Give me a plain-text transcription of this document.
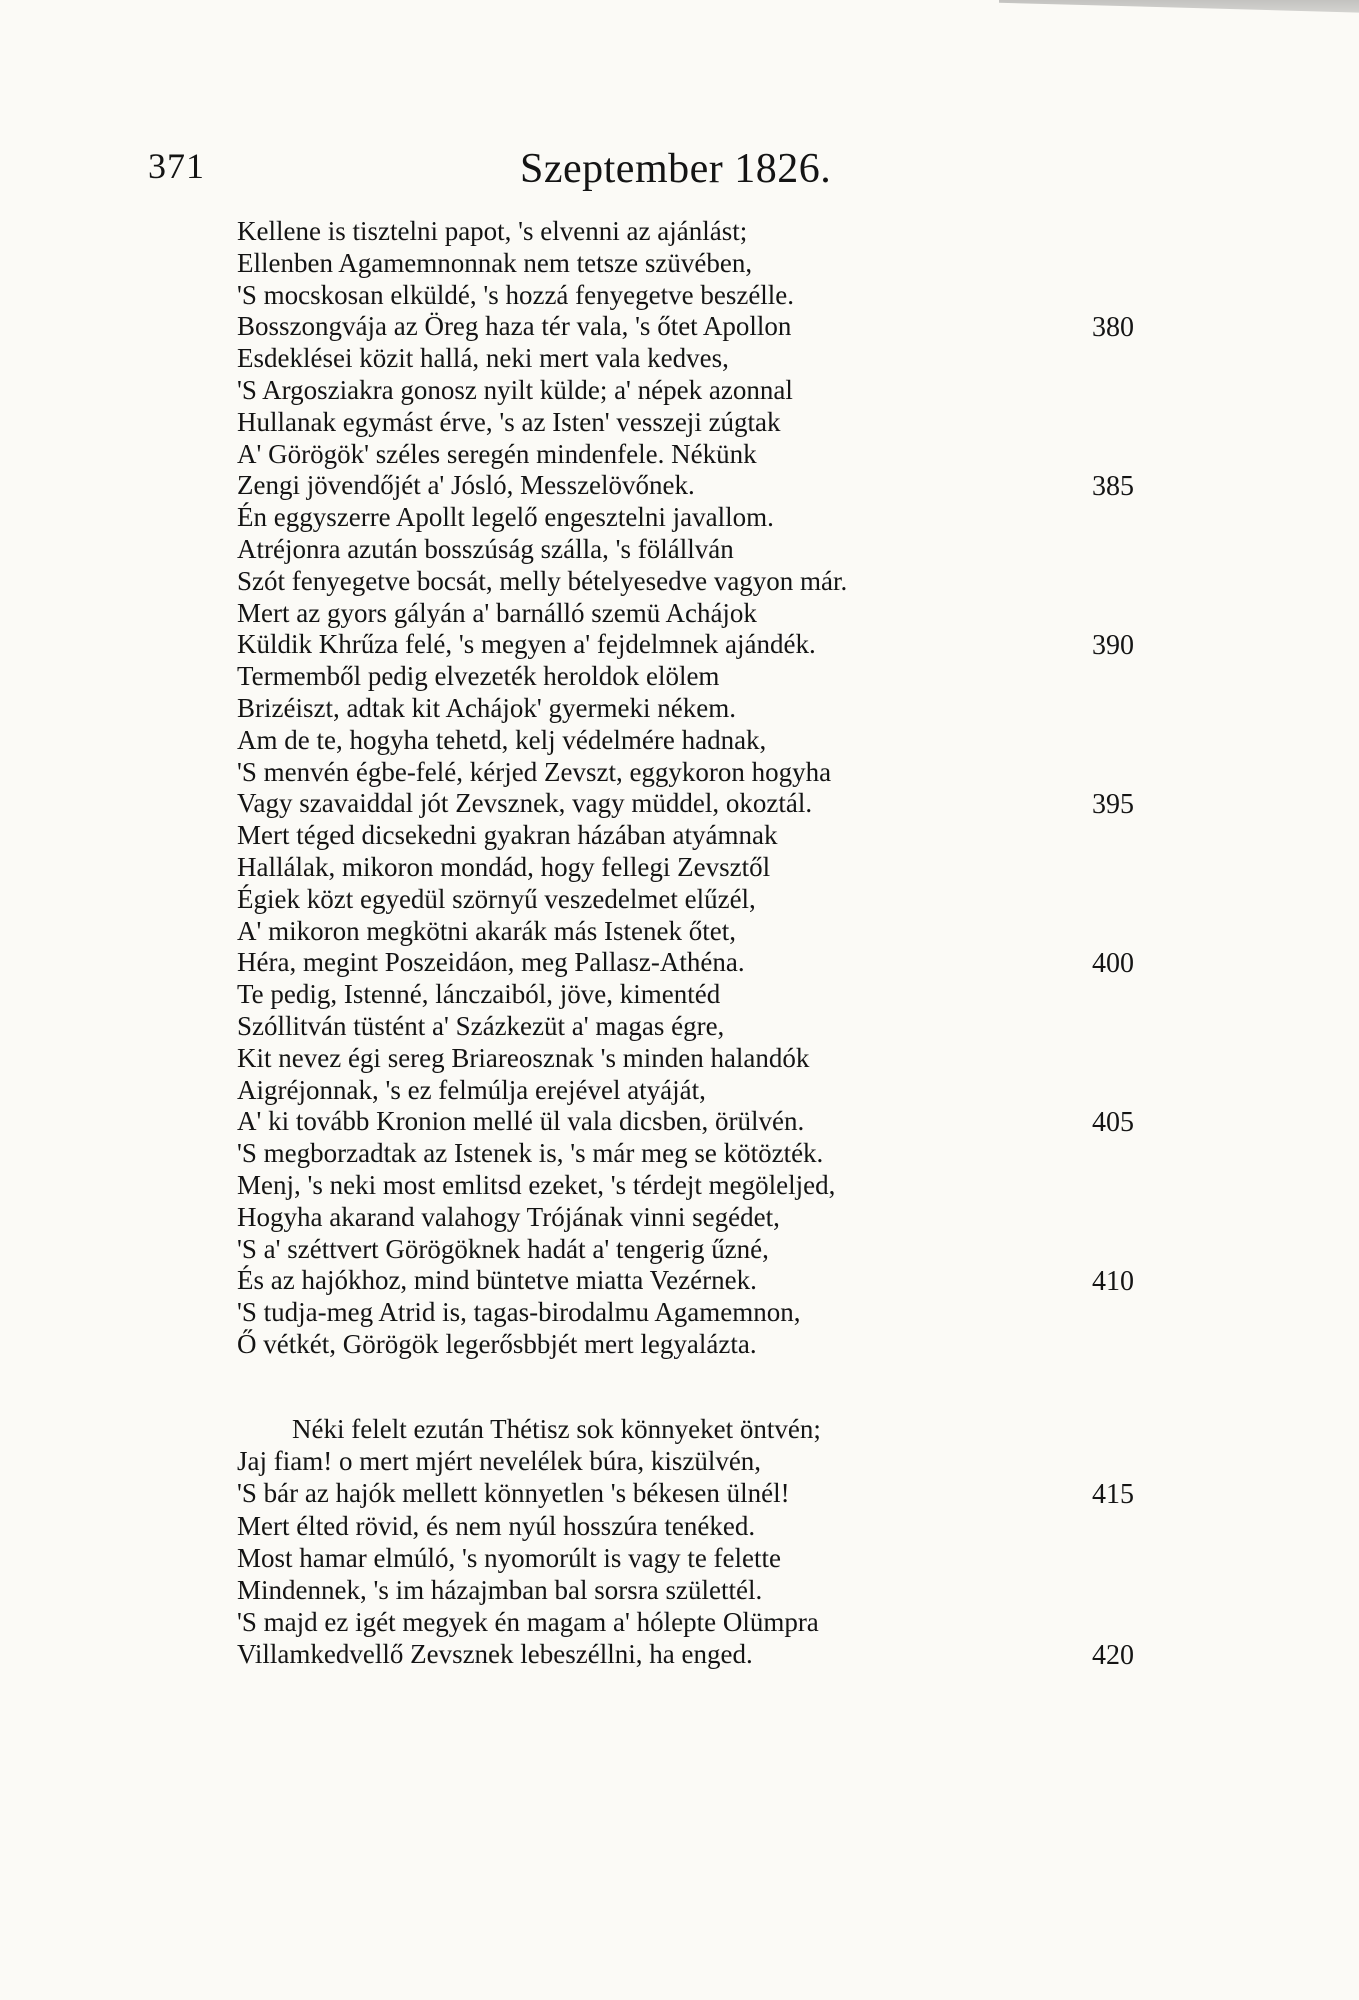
371	Szeptember 1826.
Kellene is tisztelni papot, 's elvenni az ajánlást;
Ellenben Agamemnonnak nem tetsze szüvében,
'S mocskosan elküldé, 's hozzá fenyegetve beszélle.
Bosszongvája az Öreg haza tér vala, 's őtet Apollon
Esdeklései közit hallá, neki mert vala kedves,
'S Argosziakra gonosz nyilt külde; a' népek azonnal
Hullanak egymást érve, 's az Isten' vesszeji zúgtak
A' Görögök' széles seregén mindenfele. Nékünk
Zengi jövendőjét a' Jósló, Messzelövőnek.
Én eggyszerre Apollt legelő engesztelni javallom.
Atréjonra azután bosszúság szálla, 's fölállván
Szót fenyegetve bocsát, melly bételyesedve vagyon már.
Mert az gyors gályán a' barnálló szemü Achájok
Küldik Khrűza felé, 's megyen a' fejdelmnek ajándék.
Termemből pedig elvezeték heroldok elölem
Brizéiszt, adtak kit Achájok' gyermeki nékem.
Am de te, hogyha tehetd, kelj védelmére hadnak,
'S menvén égbe-felé, kérjed Zevszt, eggykoron hogyha
Vagy szavaiddal jót Zevsznek, vagy müddel, okoztál.
Mert téged dicsekedni gyakran házában atyámnak
Hallálak, mikoron mondád, hogy fellegi Zevsztől
Égiek közt egyedül szörnyű veszedelmet elűzél,
A' mikoron megkötni akarák más Istenek őtet,
Héra, megint Poszeidáon, meg Pallasz-Athéna.
Te pedig, Istenné, lánczaiból, jöve, kimentéd
Szóllitván tüstént a' Százkezüt a' magas égre,
Kit nevez égi sereg Briareosznak 's minden halandók
Aigréjonnak, 's ez felmúlja erejével atyáját,
A' ki tovább Kronion mellé ül vala dicsben, örülvén.
'S megborzadtak az Istenek is, 's már meg se kötözték.
Menj, 's neki most emlitsd ezeket, 's térdejt megöleljed,
Hogyha akarand valahogy Trójának vinni segédet,
'S a' széttvert Görögöknek hadát a' tengerig űzné,
És az hajókhoz, mind büntetve miatta Vezérnek.
'S tudja-meg Atrid is, tagas-birodalmu Agamemnon,
Ő vétkét, Görögök legerősbbjét mert legyalázta.
380
385
390
395
400
405
410
Néki felelt ezután Thétisz sok könnyeket öntvén;
Jaj fiam! o mert mjért nevelélek búra, kiszülvén,
'S bár az hajók mellett könnyetlen 's békesen ülnél!
Mert élted rövid, és nem nyúl hosszúra tenéked.
Most hamar elmúló, 's nyomorúlt is vagy te felette
Mindennek, 's im házajmban bal sorsra születtél.
'S majd ez igét megyek én magam a' hólepte Olümpra
Villamkedvellő Zevsznek lebeszéllni, ha enged.
415
420
